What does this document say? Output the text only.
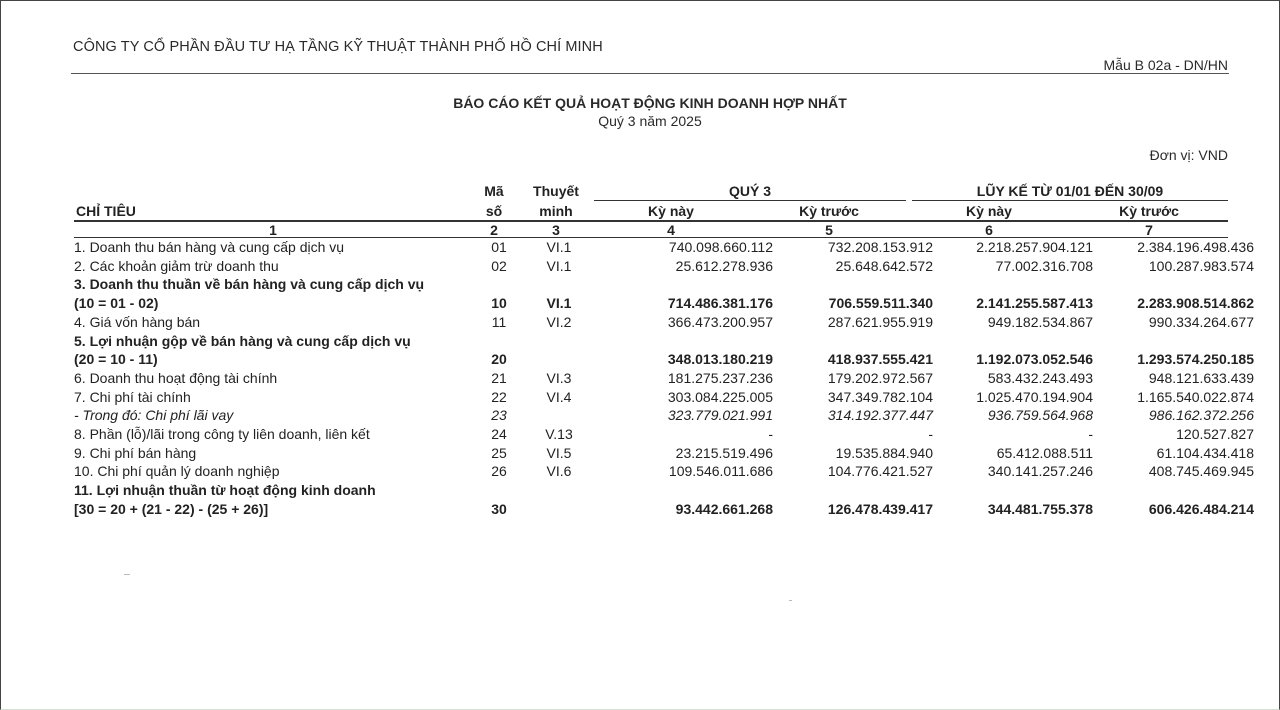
CÔNG TY CỔ PHẦN ĐẦU TƯ HẠ TẦNG KỸ THUẬT THÀNH PHỐ HỒ CHÍ MINH
Mẫu B 02a - DN/HN
BÁO CÁO KẾT QUẢ HOẠT ĐỘNG KINH DOANH HỢP NHẤT
Quý 3 năm 2025
Đơn vị: VND
CHỈ TIÊU
Mã
số
Thuyết
minh
QUÝ 3	LŨY KẾ TỪ 01/01 ĐẾN 30/09
Kỳ này	Kỳ trước	Kỳ này	Kỳ trước
1	2	3	4	5	6	7
1. Doanh thu bán hàng và cung cấp dịch vụ	01	VI.1	740.098.660.112	732.208.153.912	2.218.257.904.121	2.384.196.498.436
2. Các khoản giảm trừ doanh thu	02	VI.1	25.612.278.936	25.648.642.572	77.002.316.708	100.287.983.574
3. Doanh thu thuần về bán hàng và cung cấp dịch vụ						
(10 = 01 - 02)	10	VI.1	714.486.381.176	706.559.511.340	2.141.255.587.413	2.283.908.514.862
4. Giá vốn hàng bán	11	VI.2	366.473.200.957	287.621.955.919	949.182.534.867	990.334.264.677
5. Lợi nhuận gộp về bán hàng và cung cấp dịch vụ						
(20 = 10 - 11)	20		348.013.180.219	418.937.555.421	1.192.073.052.546	1.293.574.250.185
6. Doanh thu hoạt động tài chính	21	VI.3	181.275.237.236	179.202.972.567	583.432.243.493	948.121.633.439
7. Chi phí tài chính	22	VI.4	303.084.225.005	347.349.782.104	1.025.470.194.904	1.165.540.022.874
- Trong đó: Chi phí lãi vay	23		323.779.021.991	314.192.377.447	936.759.564.968	986.162.372.256
8. Phần (lỗ)/lãi trong công ty liên doanh, liên kết	24	V.13	-	-	-	120.527.827
9. Chi phí bán hàng	25	VI.5	23.215.519.496	19.535.884.940	65.412.088.511	61.104.434.418
10. Chi phí quản lý doanh nghiệp	26	VI.6	109.546.011.686	104.776.421.527	340.141.257.246	408.745.469.945
11. Lợi nhuận thuần từ hoạt động kinh doanh						
[30 = 20 + (21 - 22) - (25 + 26)]	30		93.442.661.268	126.478.439.417	344.481.755.378	606.426.484.214
